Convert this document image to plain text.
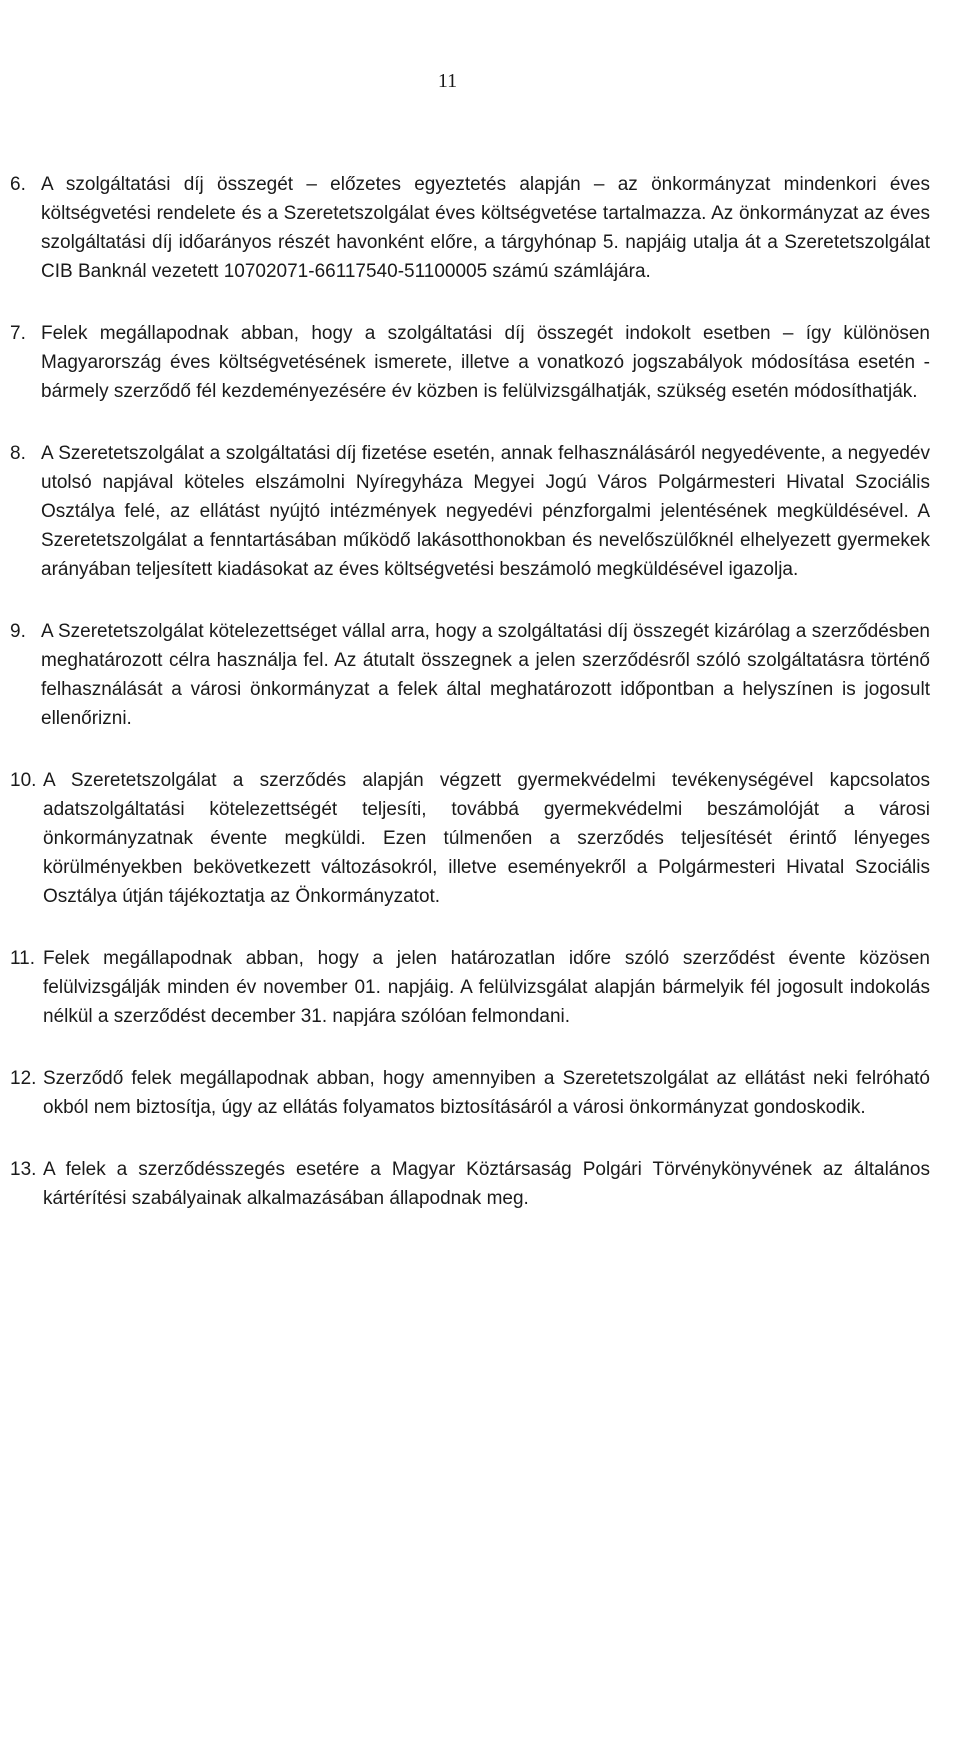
11
6. A szolgáltatási díj összegét – előzetes egyeztetés alapján – az önkormányzat mindenkori éves költségvetési rendelete és a Szeretetszolgálat éves költségvetése tartalmazza. Az önkormányzat az éves szolgáltatási díj időarányos részét havonként előre, a tárgyhónap 5. napjáig utalja át a Szeretetszolgálat CIB Banknál vezetett 10702071-66117540-51100005 számú számlájára.
7. Felek megállapodnak abban, hogy a szolgáltatási díj összegét indokolt esetben – így különösen Magyarország éves költségvetésének ismerete, illetve a vonatkozó jogszabályok módosítása esetén - bármely szerződő fél kezdeményezésére év közben is felülvizsgálhatják, szükség esetén módosíthatják.
8. A Szeretetszolgálat a szolgáltatási díj fizetése esetén, annak felhasználásáról negyedévente, a negyedév utolsó napjával köteles elszámolni Nyíregyháza Megyei Jogú Város Polgármesteri Hivatal Szociális Osztálya felé, az ellátást nyújtó intézmények negyedévi pénzforgalmi jelentésének megküldésével. A Szeretetszolgálat a fenntartásában működő lakásotthonokban és nevelőszülőknél elhelyezett gyermekek arányában teljesített kiadásokat az éves költségvetési beszámoló megküldésével igazolja.
9. A Szeretetszolgálat kötelezettséget vállal arra, hogy a szolgáltatási díj összegét kizárólag a szerződésben meghatározott célra használja fel. Az átutalt összegnek a jelen szerződésről szóló szolgáltatásra történő felhasználását a városi önkormányzat a felek által meghatározott időpontban a helyszínen is jogosult ellenőrizni.
10. A Szeretetszolgálat a szerződés alapján végzett gyermekvédelmi tevékenységével kapcsolatos adatszolgáltatási kötelezettségét teljesíti, továbbá gyermekvédelmi beszámolóját a városi önkormányzatnak évente megküldi. Ezen túlmenően a szerződés teljesítését érintő lényeges körülményekben bekövetkezett változásokról, illetve eseményekről a Polgármesteri Hivatal Szociális Osztálya útján tájékoztatja az Önkormányzatot.
11. Felek megállapodnak abban, hogy a jelen határozatlan időre szóló szerződést évente közösen felülvizsgálják minden év november 01. napjáig. A felülvizsgálat alapján bármelyik fél jogosult indokolás nélkül a szerződést december 31. napjára szólóan felmondani.
12. Szerződő felek megállapodnak abban, hogy amennyiben a Szeretetszolgálat az ellátást neki felróható okból nem biztosítja, úgy az ellátás folyamatos biztosításáról a városi önkormányzat gondoskodik.
13. A felek a szerződésszegés esetére a Magyar Köztársaság Polgári Törvénykönyvének az általános kártérítési szabályainak alkalmazásában állapodnak meg.
